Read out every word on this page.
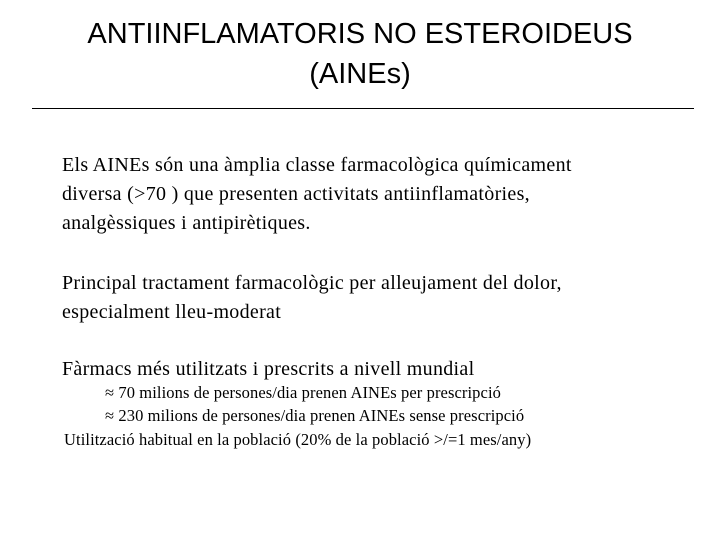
ANTIINFLAMATORIS NO ESTEROIDEUS
(AINEs)
Els AINEs són una àmplia classe farmacològica químicament
diversa (>70 ) que presenten activitats antiinflamatòries,
analgèssiques i antipirètiques.
Principal tractament farmacològic per alleujament del dolor,
especialment lleu-moderat
Fàrmacs més utilitzats i prescrits a nivell mundial
≈ 70 milions de persones/dia prenen AINEs per prescripció
≈ 230 milions de persones/dia prenen AINEs sense prescripció
Utilització habitual en la població (20% de la població >/=1 mes/any)
